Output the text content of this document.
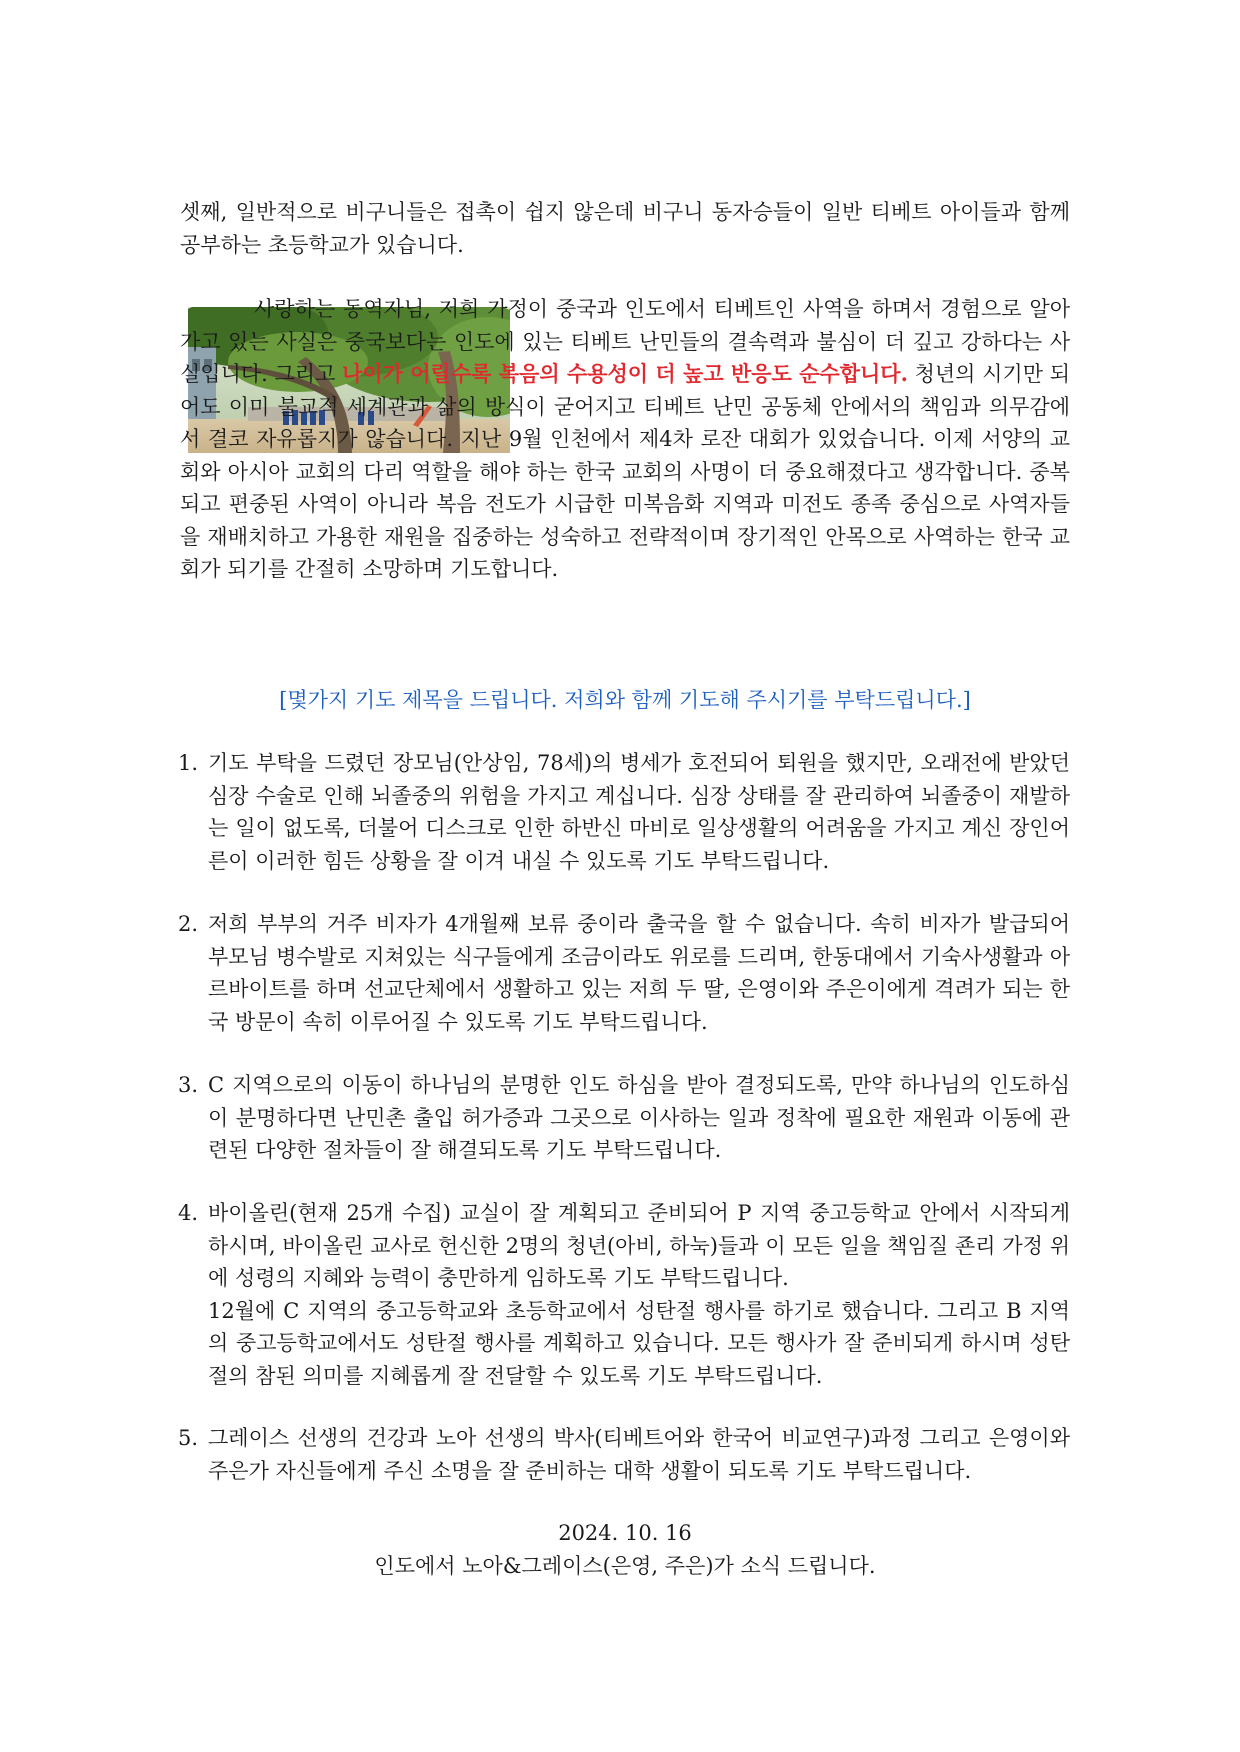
셋째, 일반적으로 비구니들은 접촉이 쉽지 않은데 비구니 동자승들이 일반 티베트 아이들과 함께 공부하는 초등학교가 있습니다.
사랑하는 동역자님, 저희 가정이 중국과 인도에서 티베트인 사역을 하며서 경험으로 알아가고 있는 사실은 중국보다는 인도에 있는 티베트 난민들의 결속력과 불심이 더 깊고 강하다는 사실입니다. 그리고 나이가 어릴수록 복음의 수용성이 더 높고 반응도 순수합니다. 청년의 시기만 되어도 이미 불교적 세계관과 삶의 방식이 굳어지고 티베트 난민 공동체 안에서의 책임과 의무감에서 결코 자유롭지가 않습니다. 지난 9월 인천에서 제4차 로잔 대회가 있었습니다. 이제 서양의 교회와 아시아 교회의 다리 역할을 해야 하는 한국 교회의 사명이 더 중요해졌다고 생각합니다. 중복되고 편중된 사역이 아니라 복음 전도가 시급한 미복음화 지역과 미전도 종족 중심으로 사역자들을 재배치하고 가용한 재원을 집중하는 성숙하고 전략적이며 장기적인 안목으로 사역하는 한국 교회가 되기를 간절히 소망하며 기도합니다.
[몇가지 기도 제목을 드립니다. 저희와 함께 기도해 주시기를 부탁드립니다.]
1. 기도 부탁을 드렸던 장모님(안상임, 78세)의 병세가 호전되어 퇴원을 했지만, 오래전에 받았던 심장 수술로 인해 뇌졸중의 위험을 가지고 계십니다. 심장 상태를 잘 관리하여 뇌졸중이 재발하는 일이 없도록, 더불어 디스크로 인한 하반신 마비로 일상생활의 어려움을 가지고 계신 장인어른이 이러한 힘든 상황을 잘 이겨 내실 수 있도록 기도 부탁드립니다.
2. 저희 부부의 거주 비자가 4개월째 보류 중이라 출국을 할 수 없습니다. 속히 비자가 발급되어 부모님 병수발로 지쳐있는 식구들에게 조금이라도 위로를 드리며, 한동대에서 기숙사생활과 아르바이트를 하며 선교단체에서 생활하고 있는 저희 두 딸, 은영이와 주은이에게 격려가 되는 한국 방문이 속히 이루어질 수 있도록 기도 부탁드립니다.
3. C 지역으로의 이동이 하나님의 분명한 인도 하심을 받아 결정되도록, 만약 하나님의 인도하심이 분명하다면 난민촌 출입 허가증과 그곳으로 이사하는 일과 정착에 필요한 재원과 이동에 관련된 다양한 절차들이 잘 해결되도록 기도 부탁드립니다.
4. 바이올린(현재 25개 수집) 교실이 잘 계획되고 준비되어 P 지역 중고등학교 안에서 시작되게 하시며, 바이올린 교사로 헌신한 2명의 청년(아비, 하눅)들과 이 모든 일을 책임질 죤리 가정 위에 성령의 지혜와 능력이 충만하게 임하도록 기도 부탁드립니다.
12월에 C 지역의 중고등학교와 초등학교에서 성탄절 행사를 하기로 했습니다. 그리고 B 지역의 중고등학교에서도 성탄절 행사를 계획하고 있습니다. 모든 행사가 잘 준비되게 하시며 성탄절의 참된 의미를 지혜롭게 잘 전달할 수 있도록 기도 부탁드립니다.
5. 그레이스 선생의 건강과 노아 선생의 박사(티베트어와 한국어 비교연구)과정 그리고 은영이와 주은가 자신들에게 주신 소명을 잘 준비하는 대학 생활이 되도록 기도 부탁드립니다.
2024. 10. 16
인도에서 노아&그레이스(은영, 주은)가 소식 드립니다.
